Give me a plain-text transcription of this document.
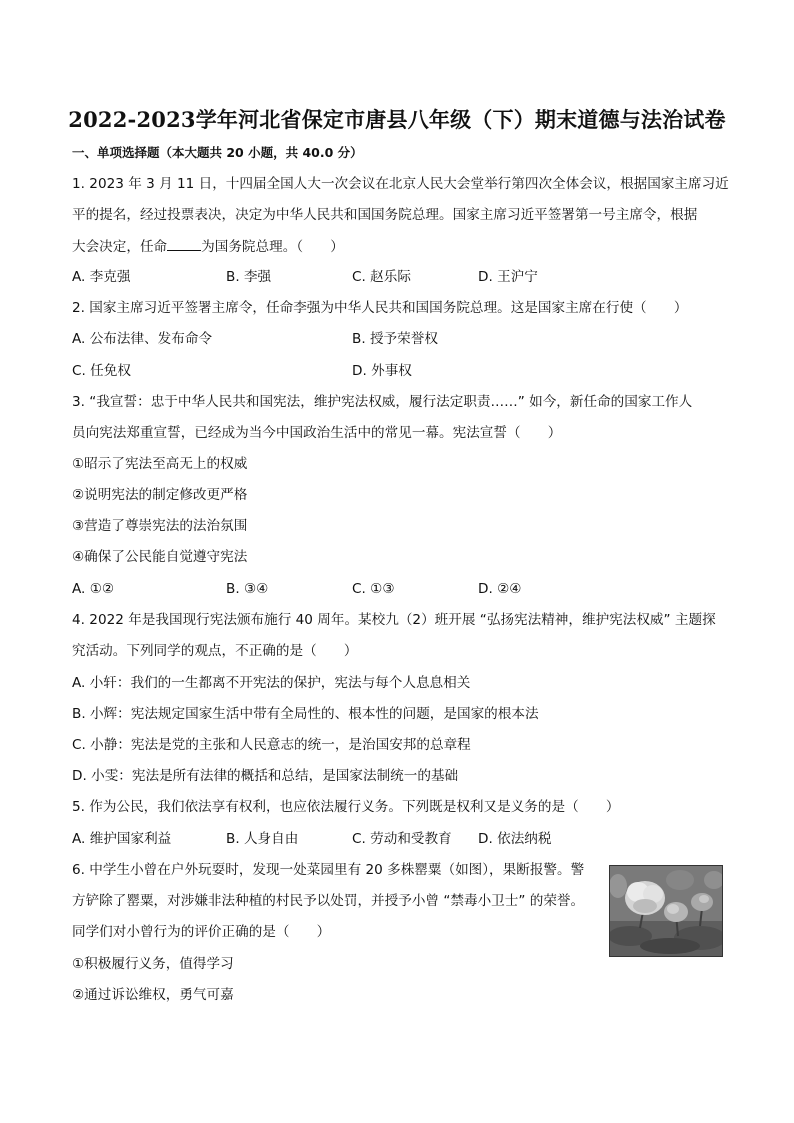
2022-2023学年河北省保定市唐县八年级（下）期末道德与法治试卷
一、单项选择题（本大题共 20 小题，共 40.0 分）
1. 2023 年 3 月 11 日，十四届全国人大一次会议在北京人民大会堂举行第四次全体会议，根据国家主席习近
平的提名，经过投票表决，决定为中华人民共和国国务院总理。国家主席习近平签署第一号主席令，根据
大会决定，任命	为国务院总理。（　　）
A. 李克强	B. 李强	C. 赵乐际	D. 王沪宁
2. 国家主席习近平签署主席令，任命李强为中华人民共和国国务院总理。这是国家主席在行使（　　）
A. 公布法律、发布命令	B. 授予荣誉权
C. 任免权	D. 外事权
3. “我宣誓：忠于中华人民共和国宪法，维护宪法权威，履行法定职责……” 如今，新任命的国家工作人
员向宪法郑重宣誓，已经成为当今中国政治生活中的常见一幕。宪法宣誓（　　）
①昭示了宪法至高无上的权威
②说明宪法的制定修改更严格
③营造了尊崇宪法的法治氛围
④确保了公民能自觉遵守宪法
A. ①②	B. ③④	C. ①③	D. ②④
4. 2022 年是我国现行宪法颁布施行 40 周年。某校九（2）班开展 “弘扬宪法精神，维护宪法权威” 主题探
究活动。下列同学的观点，不正确的是（　　）
A. 小轩：我们的一生都离不开宪法的保护，宪法与每个人息息相关
B. 小辉：宪法规定国家生活中带有全局性的、根本性的问题，是国家的根本法
C. 小静：宪法是党的主张和人民意志的统一，是治国安邦的总章程
D. 小雯：宪法是所有法律的概括和总结，是国家法制统一的基础
5. 作为公民，我们依法享有权利，也应依法履行义务。下列既是权利又是义务的是（　　）
A. 维护国家利益	B. 人身自由	C. 劳动和受教育 D. 依法纳税
6. 中学生小曾在户外玩耍时，发现一处菜园里有 20 多株罂粟（如图），果断报警。警
方铲除了罂粟，对涉嫌非法种植的村民予以处罚，并授予小曾 “禁毒小卫士” 的荣誉。
同学们对小曾行为的评价正确的是（　　）
①积极履行义务，值得学习
②通过诉讼维权，勇气可嘉
